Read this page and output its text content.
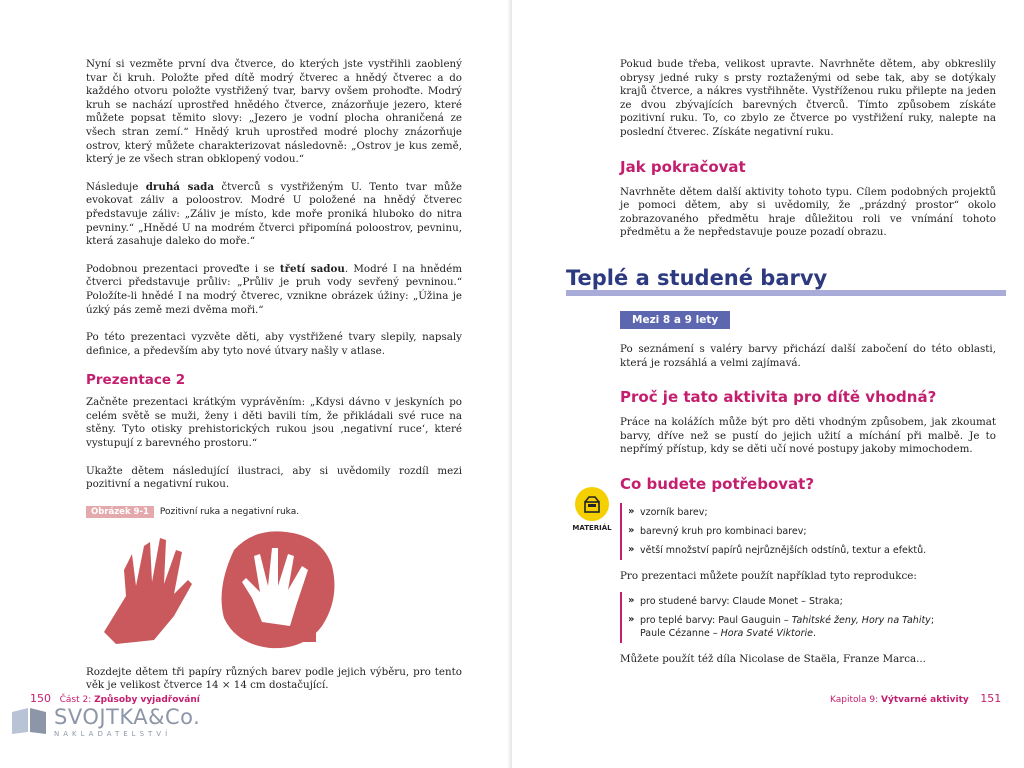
Nyní si vezměte první dva čtverce, do kterých jste vystřihli zaoblený tvar či kruh. Položte před dítě modrý čtverec a hnědý čtverec a do každého otvoru položte vystřižený tvar, barvy ovšem prohoďte. Modrý kruh se nachází uprostřed hnědého čtverce, znázorňuje jezero, které můžete popsat těmito slovy: „Jezero je vodní plocha ohraničená ze všech stran zemí.“ Hnědý kruh uprostřed modré plochy znázorňuje ostrov, který můžete charakterizovat následovně: „Ostrov je kus země, který je ze všech stran obklopený vodou.“

Následuje druhá sada čtverců s vystřiženým U. Tento tvar může evokovat záliv a poloostrov. Modré U položené na hnědý čtverec představuje záliv: „Záliv je místo, kde moře proniká hluboko do nitra pevniny.“ „Hnědé U na modrém čtverci připomíná poloostrov, pevninu, která zasahuje daleko do moře.“

Podobnou prezentaci proveďte i se třetí sadou. Modré I na hnědém čtverci představuje průliv: „Průliv je pruh vody sevřený pevninou.“ Položíte-li hnědé I na modrý čtverec, vznikne obrázek úžiny: „Úžina je úzký pás země mezi dvěma moři.“

Po této prezentaci vyzvěte děti, aby vystřižené tvary slepily, napsaly definice, a především aby tyto nové útvary našly v atlase.

Prezentace 2

Začněte prezentaci krátkým vyprávěním: „Kdysi dávno v jeskyních po celém světě se muži, ženy i děti bavili tím, že přikládali své ruce na stěny. Tyto otisky prehistorických rukou jsou ‚negativní ruce‘, které vystupují z barevného prostoru.“

Ukažte dětem následující ilustraci, aby si uvědomily rozdíl mezi pozitivní a negativní rukou.

Obrázek 9-1	Pozitivní ruka a negativní ruka.

Rozdejte dětem tři papíry různých barev podle jejich výběru, pro tento věk je velikost čtverce 14 × 14 cm dostačující.

150 Část 2: Způsoby vyjadřování
SVOJTKA&Co.
NAKLADATELSTVÍ

Pokud bude třeba, velikost upravte. Navrhněte dětem, aby obkreslily obrysy jedné ruky s prsty roztaženými od sebe tak, aby se dotýkaly krajů čtverce, a nákres vystřihněte. Vystříženou ruku přilepte na jeden ze dvou zbývajících barevných čtverců. Tímto způsobem získáte pozitivní ruku. To, co zbylo ze čtverce po vystřižení ruky, nalepte na poslední čtverec. Získáte negativní ruku.

Jak pokračovat

Navrhněte dětem další aktivity tohoto typu. Cílem podobných projektů je pomoci dětem, aby si uvědomily, že „prázdný prostor“ okolo zobrazovaného předmětu hraje důležitou roli ve vnímání tohoto předmětu a že nepředstavuje pouze pozadí obrazu.

Teplé a studené barvy
Mezi 8 a 9 lety

Po seznámení s valéry barvy přichází další zabočení do této oblasti, která je rozsáhlá a velmi zajímavá.

Proč je tato aktivita pro dítě vhodná?

Práce na kolážích může být pro děti vhodným způsobem, jak zkoumat barvy, dříve než se pustí do jejich užití a míchání při malbě. Je to nepřímý přístup, kdy se děti učí nové postupy jakoby mimochodem.

Co budete potřebovat?
» vzorník barev;
» barevný kruh pro kombinaci barev;
» větší množství papírů nejrůznějších odstínů, textur a efektů.

Pro prezentaci můžete použít například tyto reprodukce:

» pro studené barvy: Claude Monet – Straka;
» pro teplé barvy: Paul Gauguin – Tahitské ženy, Hory na Tahity;
Paule Cézanne – Hora Svaté Viktorie.

Můžete použít též díla Nicolase de Staëla, Franze Marca...

MATERIÁL
Kapitola 9: Výtvarné aktivity 151
